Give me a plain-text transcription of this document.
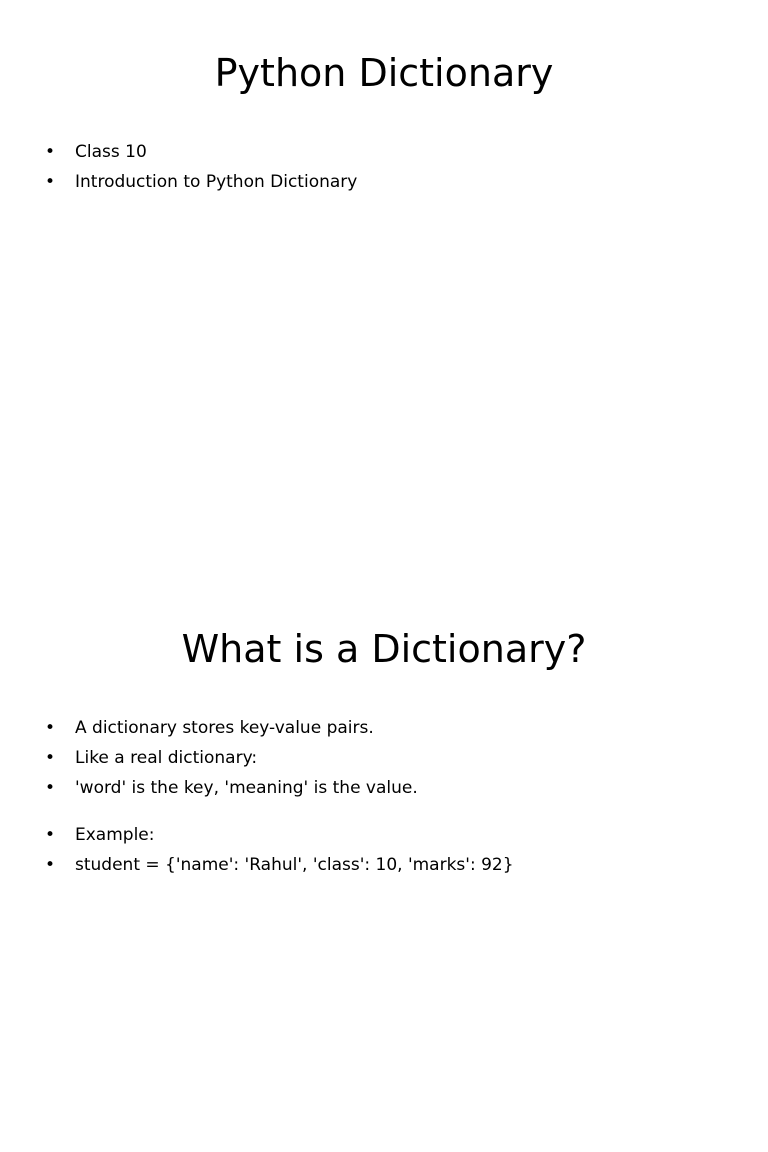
Python Dictionary
• Class 10
• Introduction to Python Dictionary
What is a Dictionary?
• A dictionary stores key-value pairs.
• Like a real dictionary:
• 'word' is the key, 'meaning' is the value.
• Example:
• student = {'name': 'Rahul', 'class': 10, 'marks': 92}
